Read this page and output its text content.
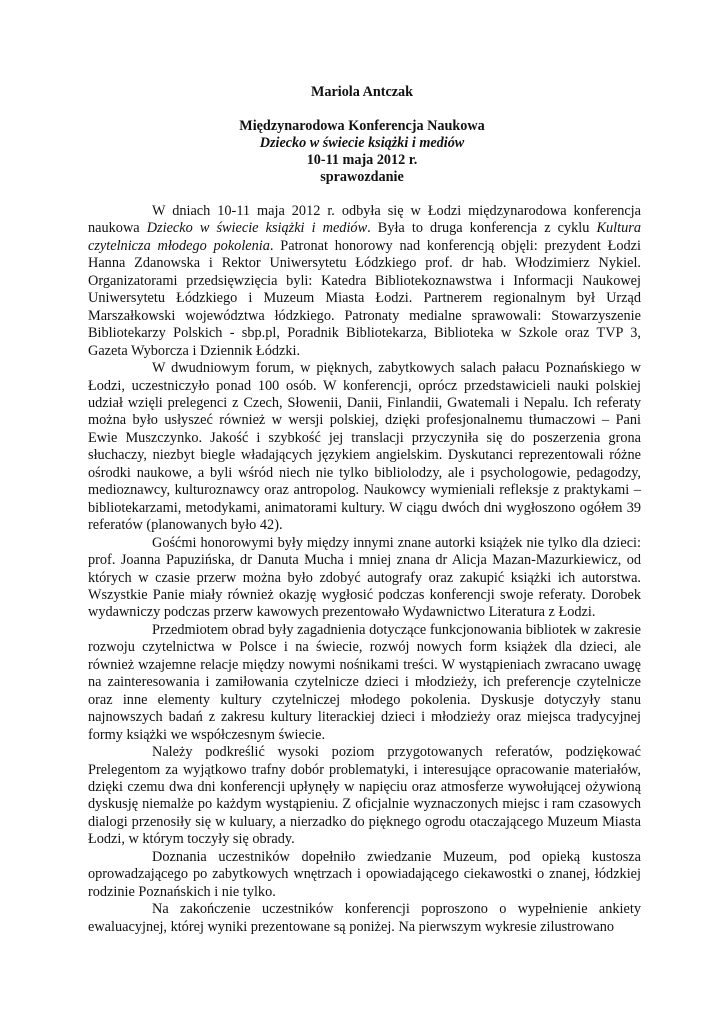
Mariola Antczak
Międzynarodowa Konferencja Naukowa
Dziecko w świecie książki i mediów
10-11 maja 2012 r.
sprawozdanie

W dniach 10-11 maja 2012 r. odbyła się w Łodzi międzynarodowa konferencja naukowa Dziecko w świecie książki i mediów. Była to druga konferencja z cyklu Kultura czytelnicza młodego pokolenia. Patronat honorowy nad konferencją objęli: prezydent Łodzi Hanna Zdanowska i Rektor Uniwersytetu Łódzkiego prof. dr hab. Włodzimierz Nykiel. Organizatorami przedsięwzięcia byli: Katedra Bibliotekoznawstwa i Informacji Naukowej Uniwersytetu Łódzkiego i Muzeum Miasta Łodzi. Partnerem regionalnym był Urząd Marszałkowski województwa łódzkiego. Patronaty medialne sprawowali: Stowarzyszenie Bibliotekarzy Polskich - sbp.pl, Poradnik Bibliotekarza, Biblioteka w Szkole oraz TVP 3, Gazeta Wyborcza i Dziennik Łódzki.

W dwudniowym forum, w pięknych, zabytkowych salach pałacu Poznańskiego w Łodzi, uczestniczyło ponad 100 osób. W konferencji, oprócz przedstawicieli nauki polskiej udział wzięli prelegenci z Czech, Słowenii, Danii, Finlandii, Gwatemali i Nepalu. Ich referaty można było usłyszeć również w wersji polskiej, dzięki profesjonalnemu tłumaczowi – Pani Ewie Muszczynko. Jakość i szybkość jej translacji przyczyniła się do poszerzenia grona słuchaczy, niezbyt biegle władających językiem angielskim. Dyskutanci reprezentowali różne ośrodki naukowe, a byli wśród niech nie tylko bibliolodzy, ale i psychologowie, pedagodzy, medioznawcy, kulturoznawcy oraz antropolog. Naukowcy wymieniali refleksje z praktykami – bibliotekarzami, metodykami, animatorami kultury. W ciągu dwóch dni wygłoszono ogółem 39 referatów (planowanych było 42).

Gośćmi honorowymi były między innymi znane autorki książek nie tylko dla dzieci: prof. Joanna Papuzińska, dr Danuta Mucha i mniej znana dr Alicja Mazan-Mazurkiewicz, od których w czasie przerw można było zdobyć autografy oraz zakupić książki ich autorstwa. Wszystkie Panie miały również okazję wygłosić podczas konferencji swoje referaty. Dorobek wydawniczy podczas przerw kawowych prezentowało Wydawnictwo Literatura z Łodzi.

Przedmiotem obrad były zagadnienia dotyczące funkcjonowania bibliotek w zakresie rozwoju czytelnictwa w Polsce i na świecie, rozwój nowych form książek dla dzieci, ale również wzajemne relacje między nowymi nośnikami treści. W wystąpieniach zwracano uwagę na zainteresowania i zamiłowania czytelnicze dzieci i młodzieży, ich preferencje czytelnicze oraz inne elementy kultury czytelniczej młodego pokolenia. Dyskusje dotyczyły stanu najnowszych badań z zakresu kultury literackiej dzieci i młodzieży oraz miejsca tradycyjnej formy książki we współczesnym świecie.

Należy podkreślić wysoki poziom przygotowanych referatów, podziękować Prelegentom za wyjątkowo trafny dobór problematyki, i interesujące opracowanie materiałów, dzięki czemu dwa dni konferencji upłynęły w napięciu oraz atmosferze wywołującej ożywioną dyskusję niemalże po każdym wystąpieniu. Z oficjalnie wyznaczonych miejsc i ram czasowych dialogi przenosiły się w kuluary, a nierzadko do pięknego ogrodu otaczającego Muzeum Miasta Łodzi, w którym toczyły się obrady.

Doznania uczestników dopełniło zwiedzanie Muzeum, pod opieką kustosza oprowadzającego po zabytkowych wnętrzach i opowiadającego ciekawostki o znanej, łódzkiej rodzinie Poznańskich i nie tylko.

Na zakończenie uczestników konferencji poproszono o wypełnienie ankiety ewaluacyjnej, której wyniki prezentowane są poniżej. Na pierwszym wykresie zilustrowano
